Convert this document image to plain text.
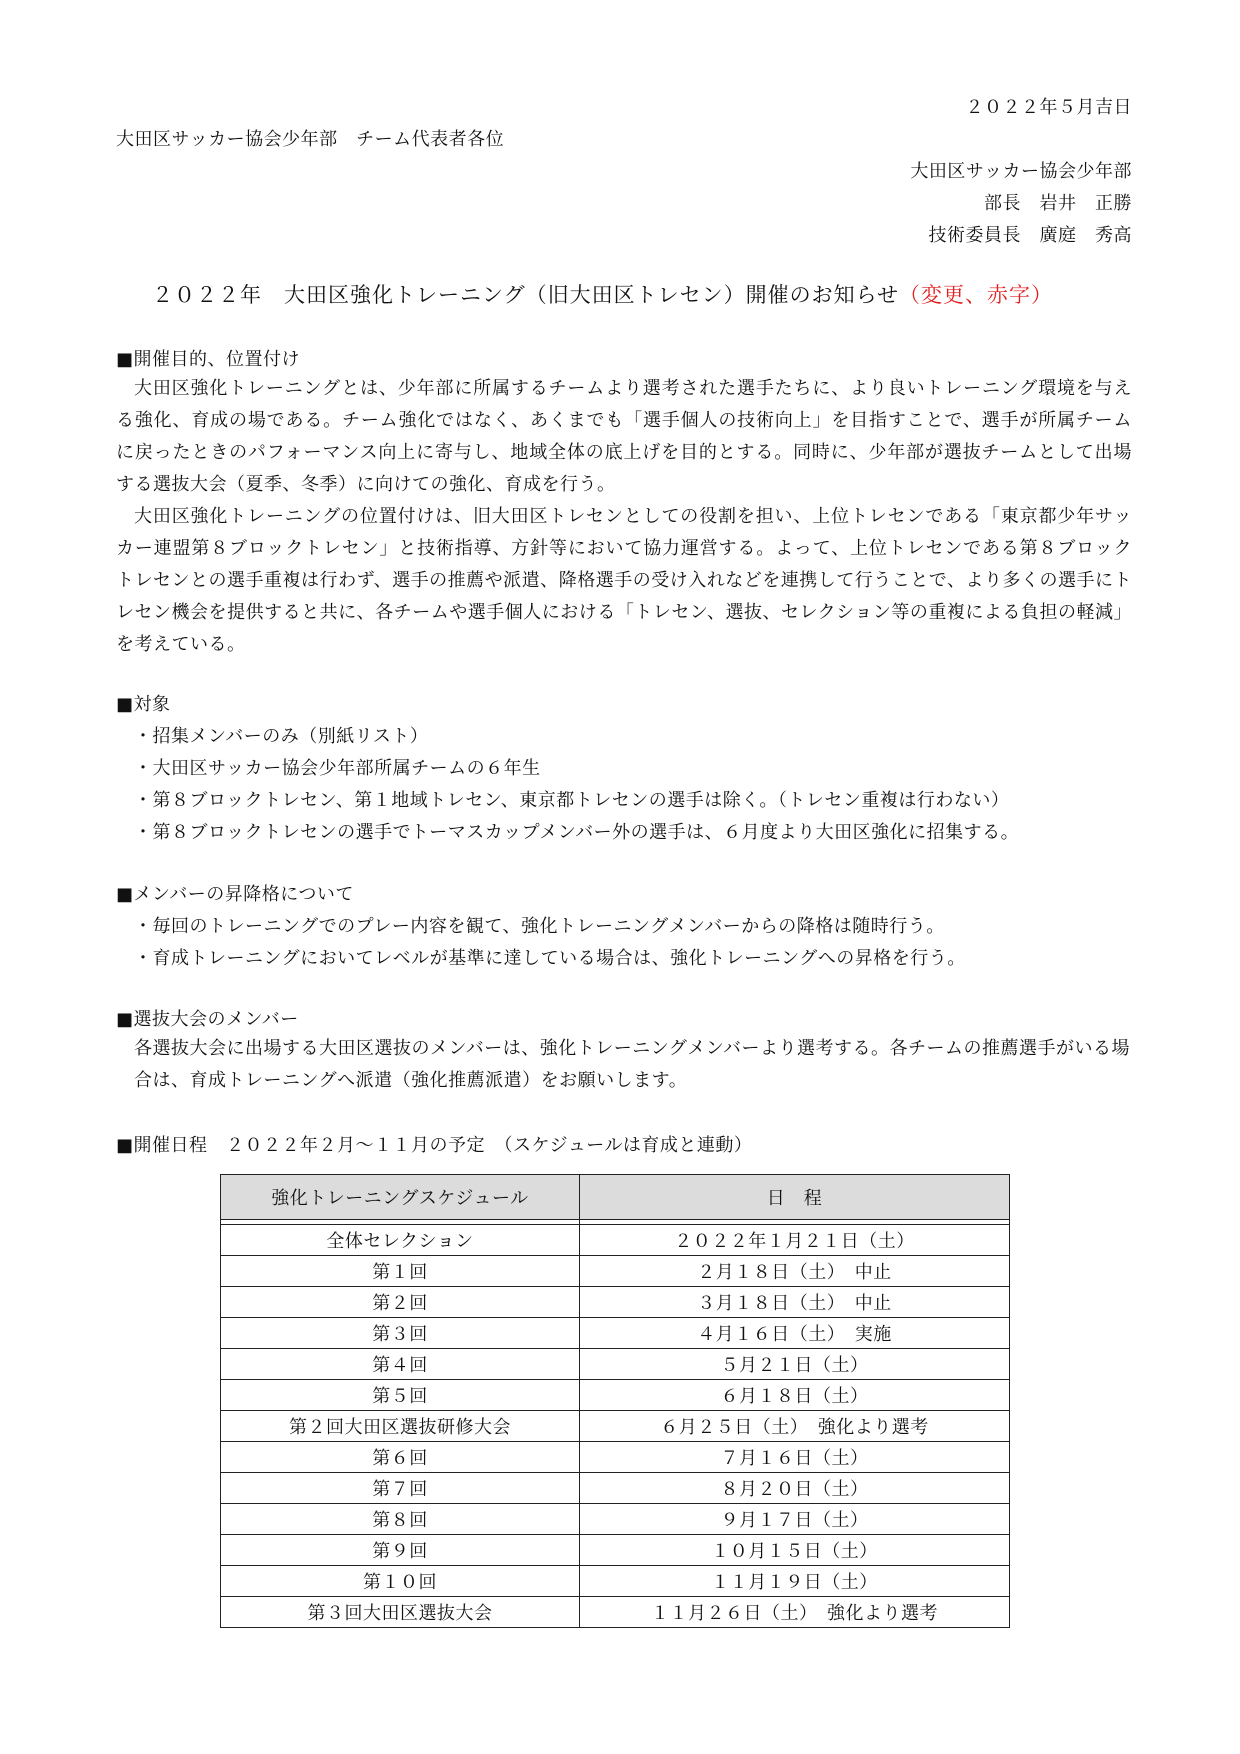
２０２２年５月吉日
大田区サッカー協会少年部　チーム代表者各位
大田区サッカー協会少年部
部長　岩井　正勝
技術委員長　廣庭　秀高
２０２２年　大田区強化トレーニング（旧大田区トレセン）開催のお知らせ（変更、赤字）
■開催目的、位置付け
大田区強化トレーニングとは、少年部に所属するチームより選考された選手たちに、より良いトレーニング環境を与える強化、育成の場である。チーム強化ではなく、あくまでも「選手個人の技術向上」を目指すことで、選手が所属チームに戻ったときのパフォーマンス向上に寄与し、地域全体の底上げを目的とする。同時に、少年部が選抜チームとして出場する選抜大会（夏季、冬季）に向けての強化、育成を行う。
大田区強化トレーニングの位置付けは、旧大田区トレセンとしての役割を担い、上位トレセンである「東京都少年サッカー連盟第８ブロックトレセン」と技術指導、方針等において協力運営する。よって、上位トレセンである第８ブロックトレセンとの選手重複は行わず、選手の推薦や派遣、降格選手の受け入れなどを連携して行うことで、より多くの選手にトレセン機会を提供すると共に、各チームや選手個人における「トレセン、選抜、セレクション等の重複による負担の軽減」を考えている。
■対象
・招集メンバーのみ（別紙リスト）
・大田区サッカー協会少年部所属チームの６年生
・第８ブロックトレセン、第１地域トレセン、東京都トレセンの選手は除く。（トレセン重複は行わない）
・第８ブロックトレセンの選手でトーマスカップメンバー外の選手は、６月度より大田区強化に招集する。
■メンバーの昇降格について
・毎回のトレーニングでのプレー内容を観て、強化トレーニングメンバーからの降格は随時行う。
・育成トレーニングにおいてレベルが基準に達している場合は、強化トレーニングへの昇格を行う。
■選抜大会のメンバー
各選抜大会に出場する大田区選抜のメンバーは、強化トレーニングメンバーより選考する。各チームの推薦選手がいる場合は、育成トレーニングへ派遣（強化推薦派遣）をお願いします。
■開催日程　２０２２年２月～１１月の予定　（スケジュールは育成と連動）
強化トレーニングスケジュール	日　程

全体セレクション	２０２２年１月２１日（土）
第１回	２月１８日（土）　中止
第２回	３月１８日（土）　中止
第３回	４月１６日（土）　実施
第４回	５月２１日（土）
第５回	６月１８日（土）
第２回大田区選抜研修大会	６月２５日（土）　強化より選考
第６回	７月１６日（土）
第７回	８月２０日（土）
第８回	９月１７日（土）
第９回	１０月１５日（土）
第１０回	１１月１９日（土）
第３回大田区選抜大会	１１月２６日（土）　強化より選考
